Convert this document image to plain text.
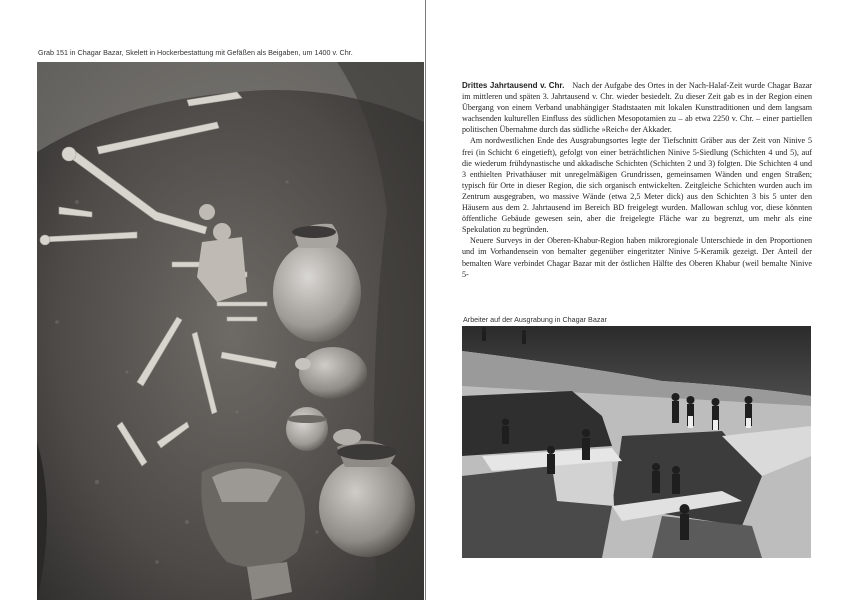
Grab 151 in Chagar Bazar, Skelett in Hockerbestattung mit Gefäßen als Beigaben, um 1400 v. Chr.

Drittes Jahrtausend v. Chr. Nach der Aufgabe des Ortes in der Nach-Halaf-Zeit wurde Chagar Bazar im mittleren und späten 3. Jahrtausend v. Chr. wieder besiedelt. Zu dieser Zeit gab es in der Region einen Übergang von einem Verband unabhängiger Stadtstaaten mit lokalen Kunsttraditionen und dem langsam wachsenden kulturellen Einfluss des südlichen Mesopotamien zu – ab etwa 2250 v. Chr. – einer partiellen politischen Übernahme durch das südliche »Reich« der Akkader.

Am nordwestlichen Ende des Ausgrabungsortes legte der Tiefschnitt Gräber aus der Zeit von Ninive 5 frei (in Schicht 6 eingetieft), gefolgt von einer beträchtlichen Ninive 5-Siedlung (Schichten 4 und 5), auf die wiederum frühdynastische und akkadische Schichten (Schichten 2 und 3) folgten. Die Schichten 4 und 3 enthielten Privathäuser mit unregelmäßigen Grundrissen, gemeinsamen Wänden und engen Straßen; typisch für Orte in dieser Region, die sich organisch entwickelten. Zeitgleiche Schichten wurden auch im Zentrum ausgegraben, wo massive Wände (etwa 2,5 Meter dick) aus den Schichten 3 bis 5 unter den Häusern aus dem 2. Jahrtausend im Bereich BD freigelegt wurden. Mallowan schlug vor, diese könnten öffentliche Gebäude gewesen sein, aber die freigelegte Fläche war zu begrenzt, um mehr als eine Spekulation zu begründen.

Neuere Surveys in der Oberen-Khabur-Region haben mikroregionale Unterschiede in den Proportionen und im Vorhandensein von bemalter gegenüber eingeritzter Ninive 5-Keramik gezeigt. Der Anteil der bemalten Ware verbindet Chagar Bazar mit der östlichen Hälfte des Oberen Khabur (weil bemalte Ninive 5-

Arbeiter auf der Ausgrabung in Chagar Bazar
